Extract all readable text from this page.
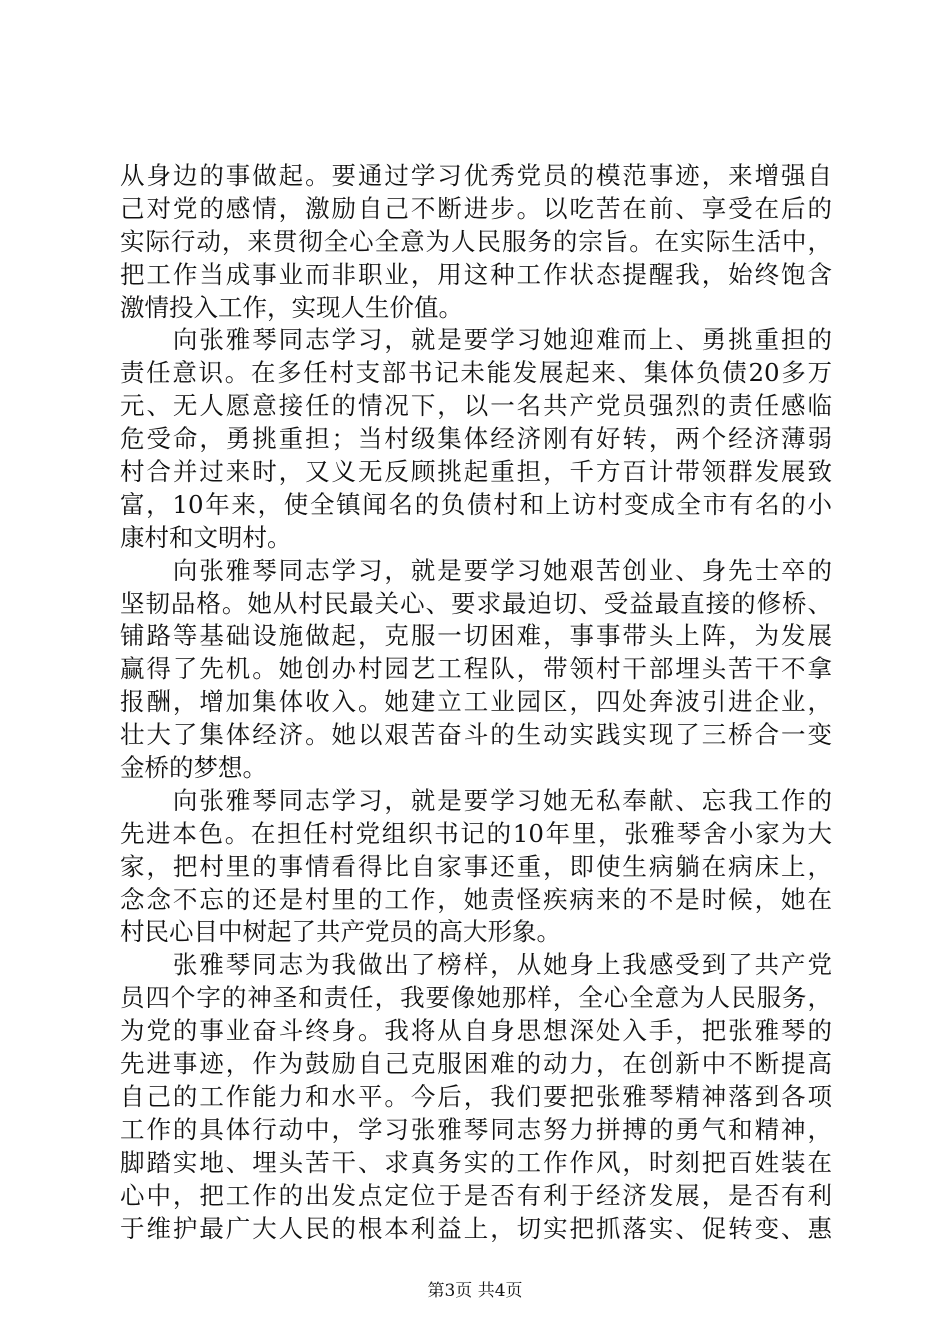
从身边的事做起。要通过学习优秀党员的模范事迹，来增强自
己对党的感情，激励自己不断进步。以吃苦在前、享受在后的
实际行动，来贯彻全心全意为人民服务的宗旨。在实际生活中，
把工作当成事业而非职业，用这种工作状态提醒我，始终饱含
激情投入工作，实现人生价值。
　　向张雅琴同志学习，就是要学习她迎难而上、勇挑重担的
责任意识。在多任村支部书记未能发展起来、集体负债20多万
元、无人愿意接任的情况下，以一名共产党员强烈的责任感临
危受命，勇挑重担；当村级集体经济刚有好转，两个经济薄弱
村合并过来时，又义无反顾挑起重担，千方百计带领群发展致
富，10年来，使全镇闻名的负债村和上访村变成全市有名的小
康村和文明村。
　　向张雅琴同志学习，就是要学习她艰苦创业、身先士卒的
坚韧品格。她从村民最关心、要求最迫切、受益最直接的修桥、
铺路等基础设施做起，克服一切困难，事事带头上阵，为发展
赢得了先机。她创办村园艺工程队，带领村干部埋头苦干不拿
报酬，增加集体收入。她建立工业园区，四处奔波引进企业，
壮大了集体经济。她以艰苦奋斗的生动实践实现了三桥合一变
金桥的梦想。
　　向张雅琴同志学习，就是要学习她无私奉献、忘我工作的
先进本色。在担任村党组织书记的10年里，张雅琴舍小家为大
家，把村里的事情看得比自家事还重，即使生病躺在病床上，
念念不忘的还是村里的工作，她责怪疾病来的不是时候，她在
村民心目中树起了共产党员的高大形象。
　　张雅琴同志为我做出了榜样，从她身上我感受到了共产党
员四个字的神圣和责任，我要像她那样，全心全意为人民服务，
为党的事业奋斗终身。我将从自身思想深处入手，把张雅琴的
先进事迹，作为鼓励自己克服困难的动力，在创新中不断提高
自己的工作能力和水平。今后，我们要把张雅琴精神落到各项
工作的具体行动中，学习张雅琴同志努力拼搏的勇气和精神，
脚踏实地、埋头苦干、求真务实的工作作风，时刻把百姓装在
心中，把工作的出发点定位于是否有利于经济发展，是否有利
于维护最广大人民的根本利益上，切实把抓落实、促转变、惠
第3页 共4页
